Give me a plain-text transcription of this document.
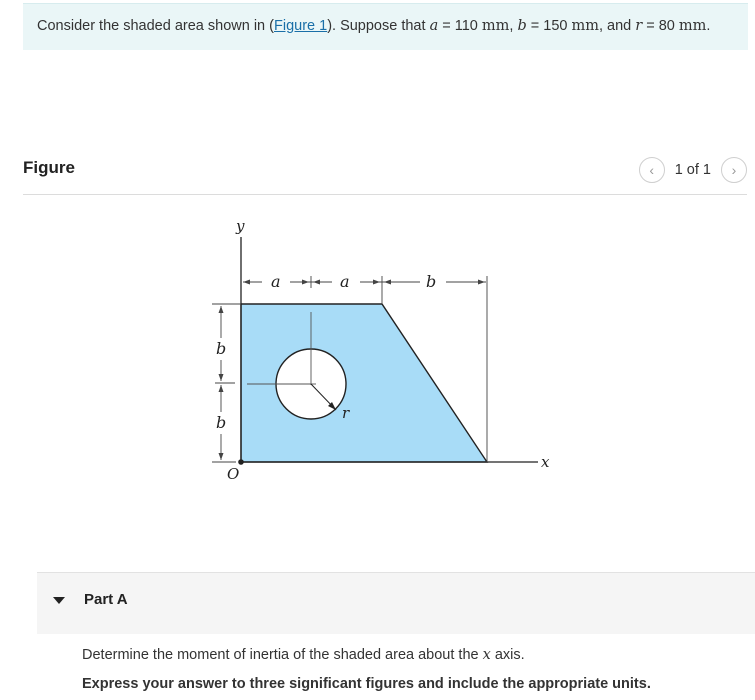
Consider the shaded area shown in (Figure 1). Suppose that a = 110 mm, b = 150 mm, and r = 80 mm.
Figure	‹ 1 of 1 ›
y
x
O
a	a	b
b
b	r
Part A
Determine the moment of inertia of the shaded area about the x axis.
Express your answer to three significant figures and include the appropriate units.
